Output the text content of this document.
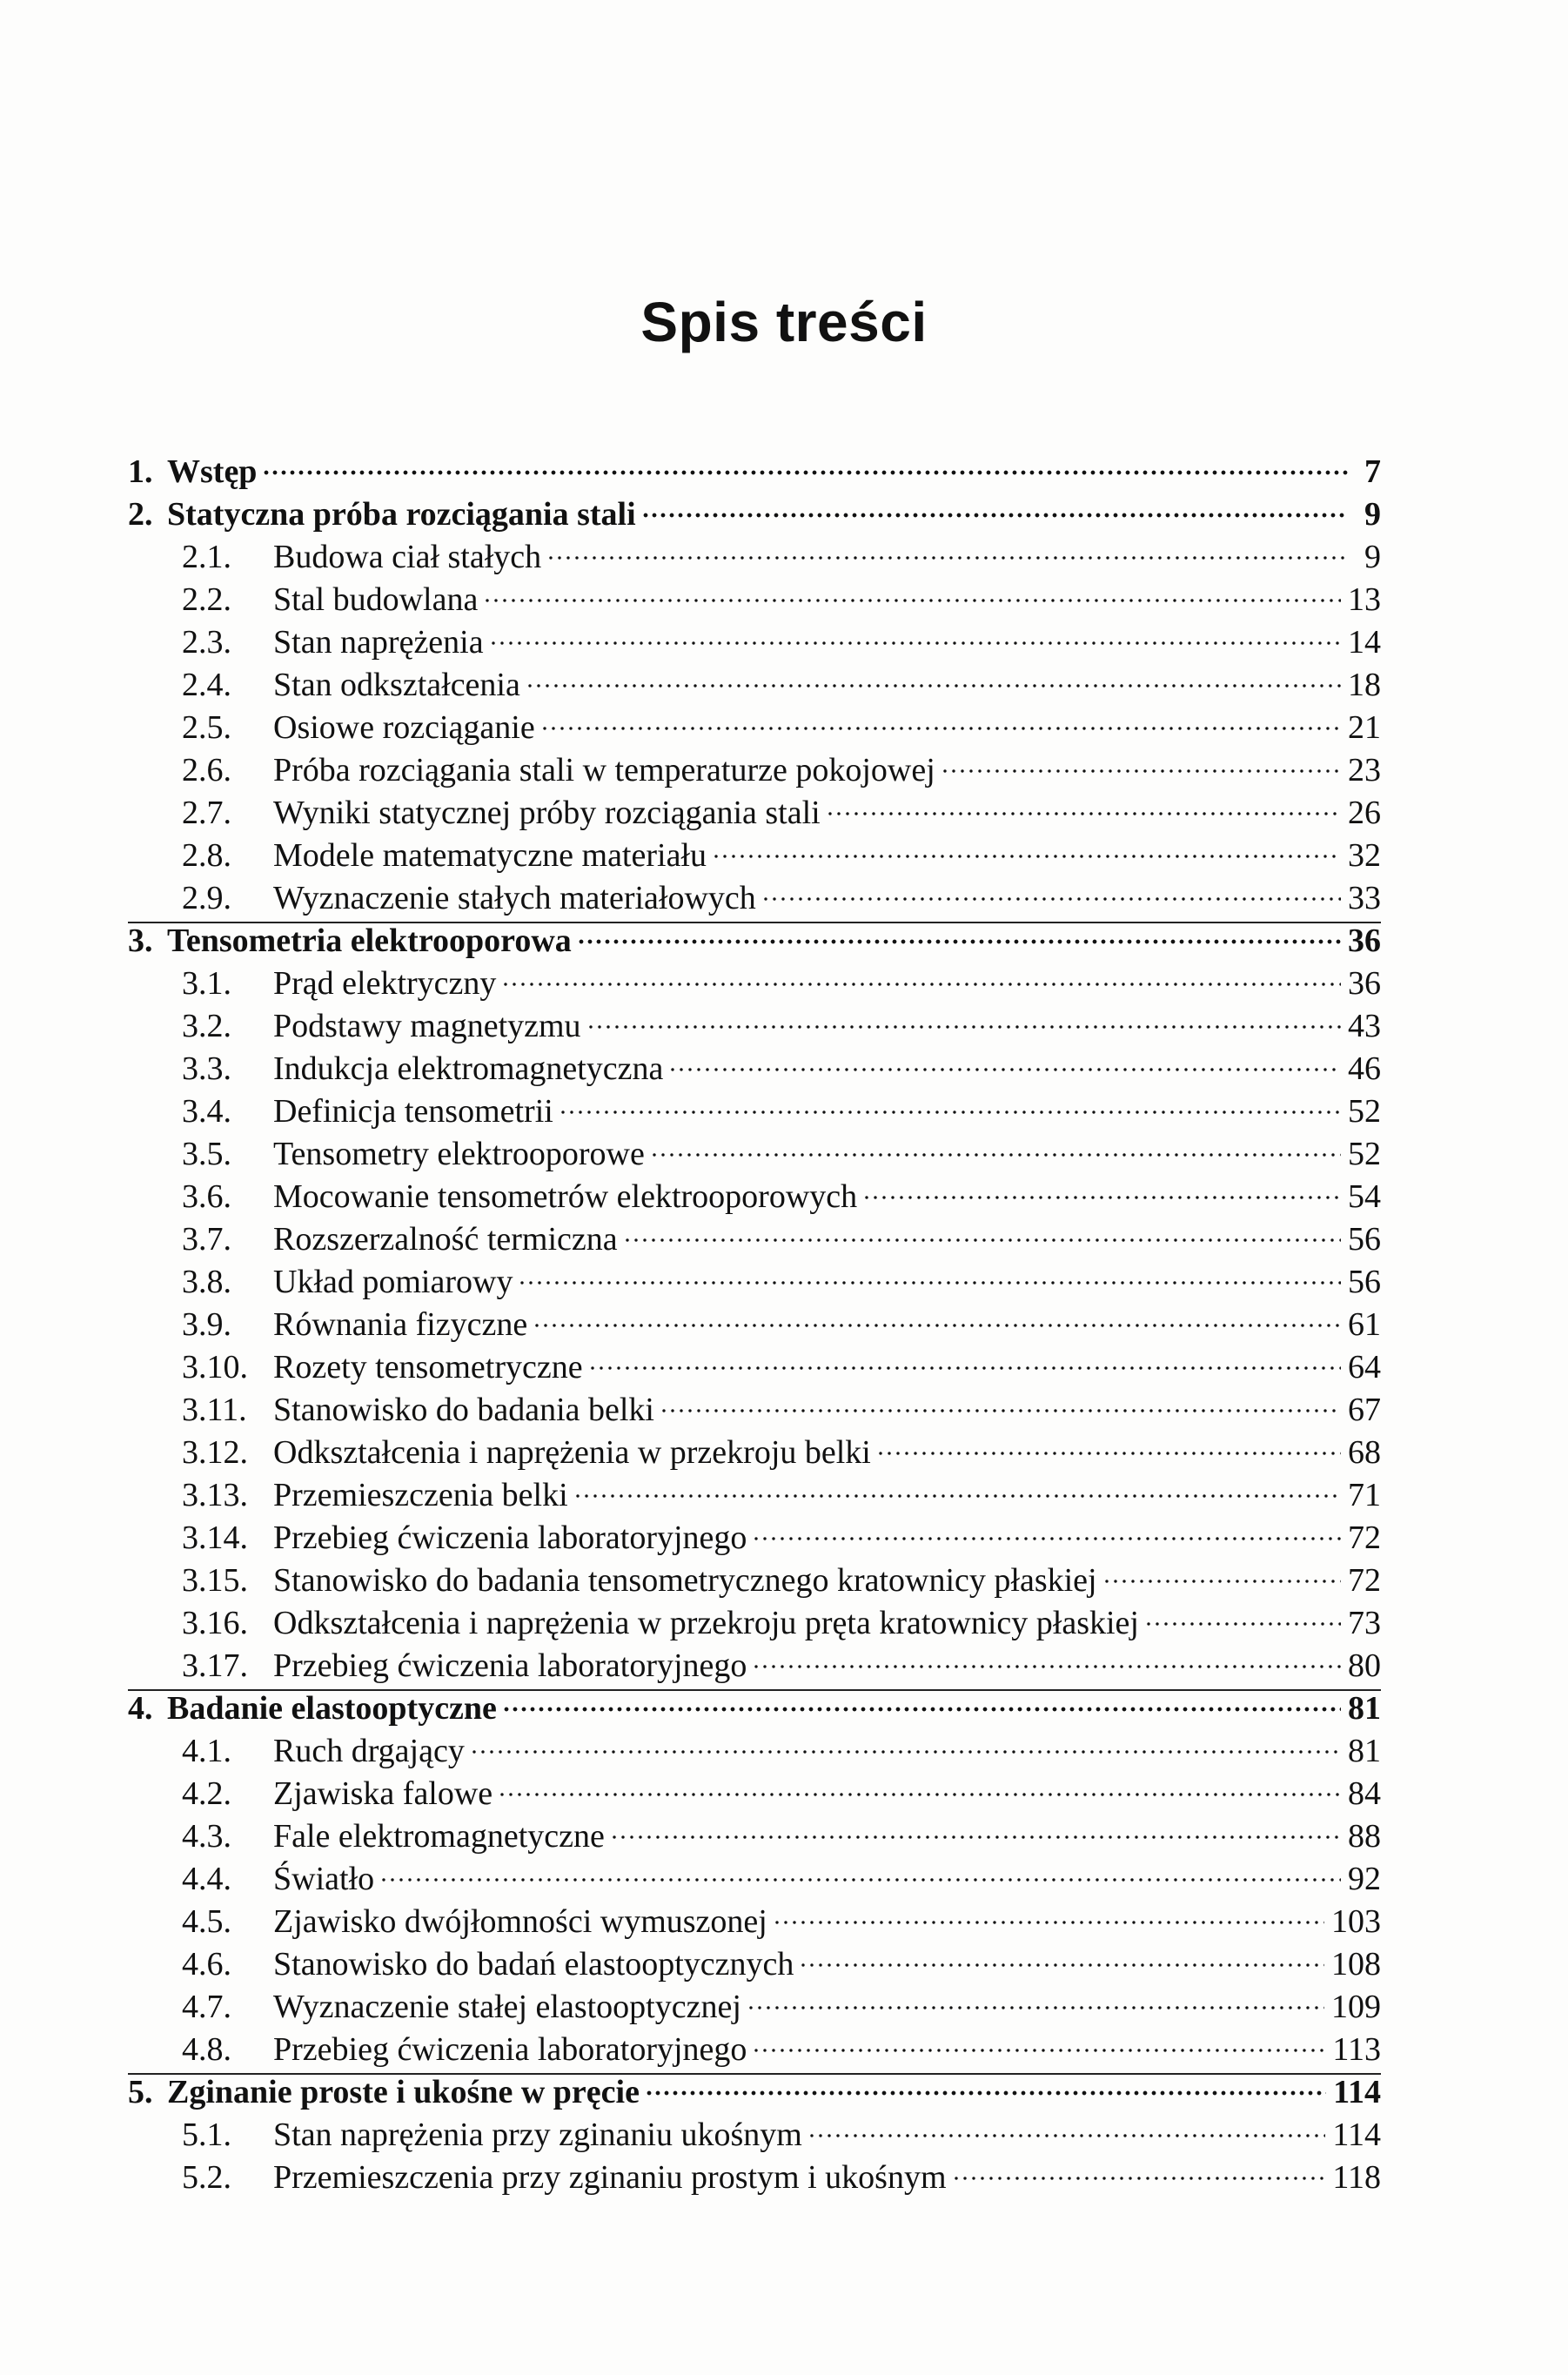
Spis treści
1. Wstęp	7
2. Statyczna próba rozciągania stali	9
2.1.	Budowa ciał stałych	9
2.2.	Stal budowlana	13
2.3.	Stan naprężenia	14
2.4.	Stan odkształcenia	18
2.5.	Osiowe rozciąganie	21
2.6.	Próba rozciągania stali w temperaturze pokojowej	23
2.7.	Wyniki statycznej próby rozciągania stali	26
2.8.	Modele matematyczne materiału	32
2.9.	Wyznaczenie stałych materiałowych	33
3. Tensometria elektrooporowa	36
3.1.	Prąd elektryczny	36
3.2.	Podstawy magnetyzmu	43
3.3.	Indukcja elektromagnetyczna	46
3.4.	Definicja tensometrii	52
3.5.	Tensometry elektrooporowe	52
3.6.	Mocowanie tensometrów elektrooporowych	54
3.7.	Rozszerzalność termiczna	56
3.8.	Układ pomiarowy	56
3.9.	Równania fizyczne	61
3.10. Rozety tensometryczne	64
3.11. Stanowisko do badania belki	67
3.12. Odkształcenia i naprężenia w przekroju belki	68
3.13. Przemieszczenia belki	71
3.14. Przebieg ćwiczenia laboratoryjnego	72
3.15. Stanowisko do badania tensometrycznego kratownicy płaskiej	72
3.16. Odkształcenia i naprężenia w przekroju pręta kratownicy płaskiej	73
3.17. Przebieg ćwiczenia laboratoryjnego	80
4. Badanie elastooptyczne	81
4.1.	Ruch drgający	81
4.2.	Zjawiska falowe	84
4.3.	Fale elektromagnetyczne	88
4.4.	Światło	92
4.5.	Zjawisko dwójłomności wymuszonej	103
4.6.	Stanowisko do badań elastooptycznych	108
4.7.	Wyznaczenie stałej elastooptycznej	109
4.8.	Przebieg ćwiczenia laboratoryjnego	113
5. Zginanie proste i ukośne w pręcie	114
5.1.	Stan naprężenia przy zginaniu ukośnym	114
5.2.	Przemieszczenia przy zginaniu prostym i ukośnym	118
